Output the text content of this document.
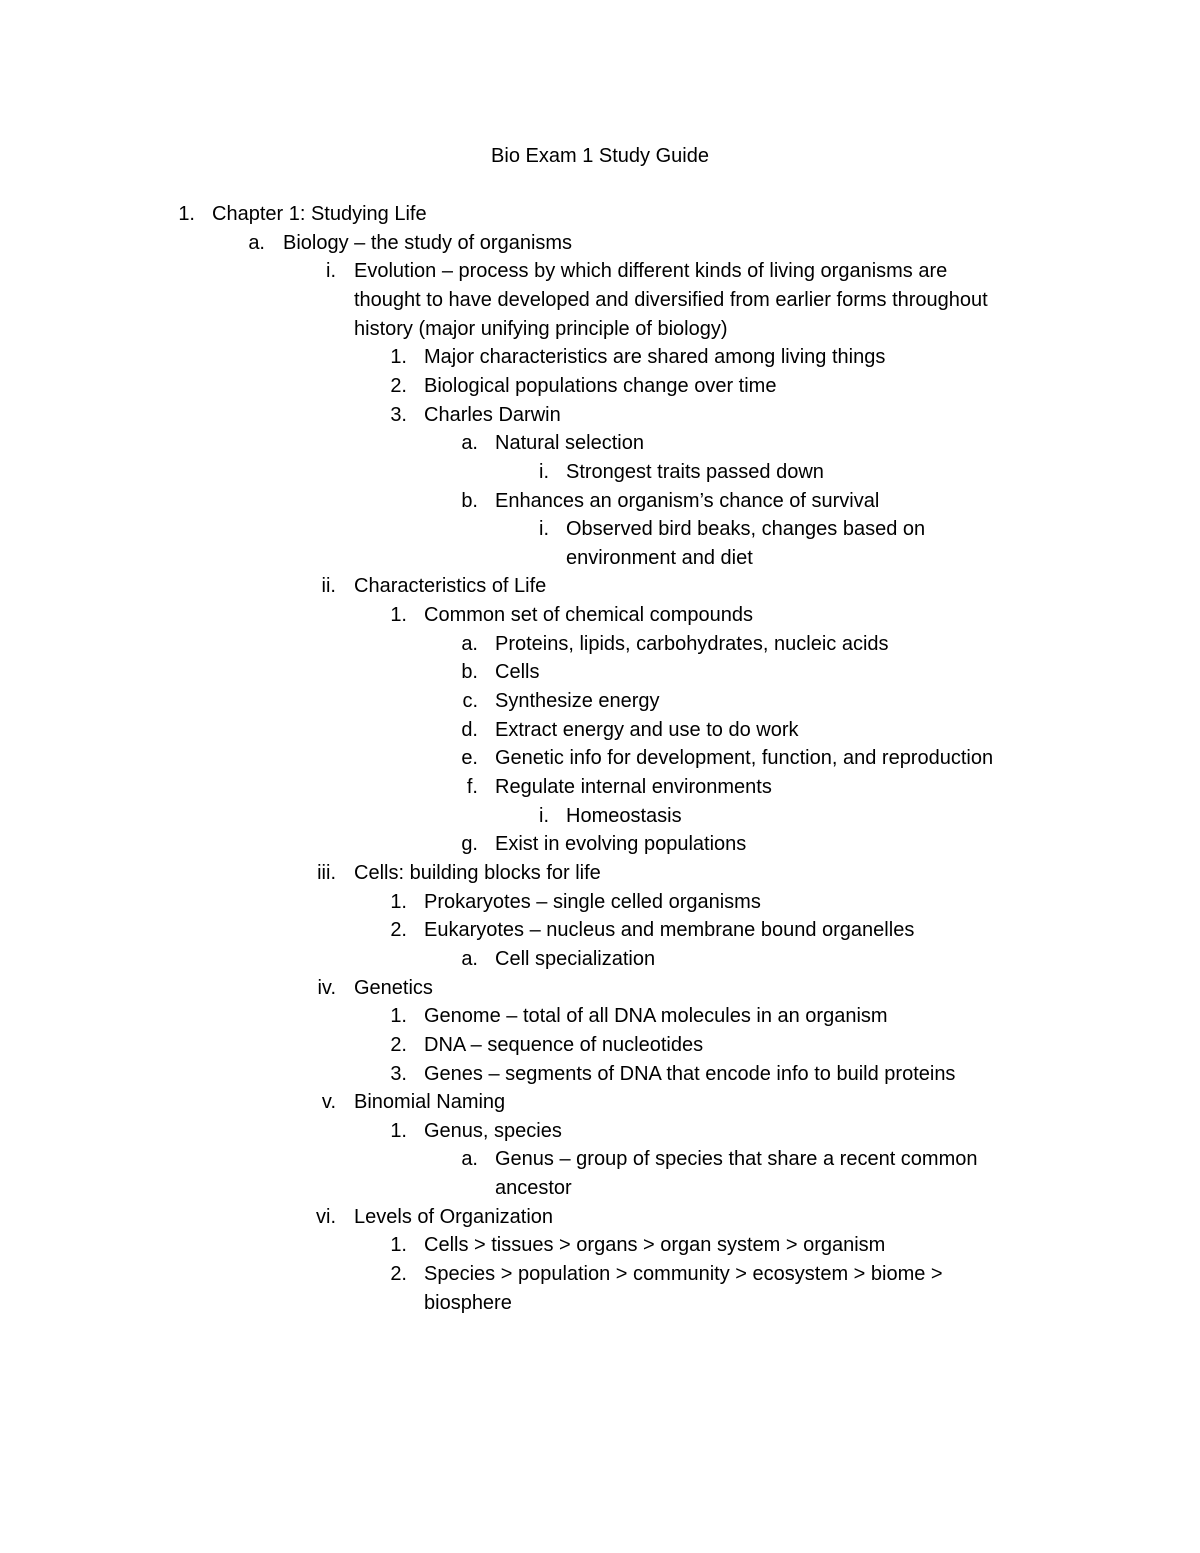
Bio Exam 1 Study Guide
1. Chapter 1: Studying Life
a. Biology – the study of organisms
i. Evolution – process by which different kinds of living organisms are
thought to have developed and diversified from earlier forms throughout
history (major unifying principle of biology)
1. Major characteristics are shared among living things
2. Biological populations change over time
3. Charles Darwin
a. Natural selection
i. Strongest traits passed down
b. Enhances an organism’s chance of survival
i. Observed bird beaks, changes based on
environment and diet
ii. Characteristics of Life
1. Common set of chemical compounds
a. Proteins, lipids, carbohydrates, nucleic acids
b. Cells
c. Synthesize energy
d. Extract energy and use to do work
e. Genetic info for development, function, and reproduction
f. Regulate internal environments
i. Homeostasis
g. Exist in evolving populations
iii. Cells: building blocks for life
1. Prokaryotes – single celled organisms
2. Eukaryotes – nucleus and membrane bound organelles
a. Cell specialization
iv. Genetics
1. Genome – total of all DNA molecules in an organism
2. DNA – sequence of nucleotides
3. Genes – segments of DNA that encode info to build proteins
v. Binomial Naming
1. Genus, species
a. Genus – group of species that share a recent common
ancestor
vi. Levels of Organization
1. Cells > tissues > organs > organ system > organism
2. Species > population > community > ecosystem > biome >
biosphere
